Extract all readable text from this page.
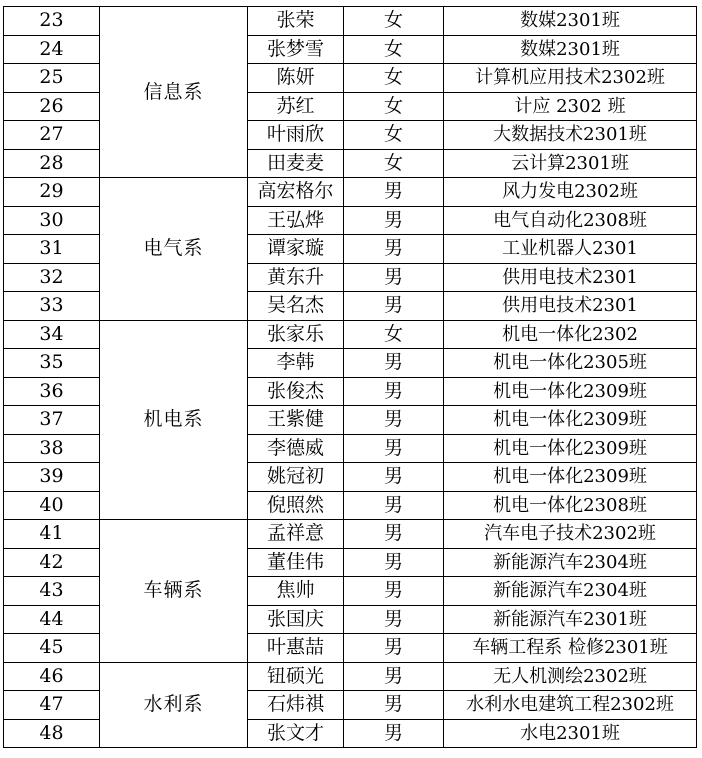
23	信息系	张荣	女	数媒2301班
24		张梦雪	女	数媒2301班
25		陈妍	女	计算机应用技术2302班
26		苏红	女	计应 2302 班
27		叶雨欣	女	大数据技术2301班
28		田麦麦	女	云计算2301班
29	电气系	高宏格尔	男	风力发电2302班
30		王弘烨	男	电气自动化2308班
31		谭家璇	男	工业机器人2301
32		黄东升	男	供用电技术2301
33		吴名杰	男	供用电技术2301
34	机电系	张家乐	女	机电一体化2302
35		李韩	男	机电一体化2305班
36		张俊杰	男	机电一体化2309班
37		王紫健	男	机电一体化2309班
38		李德威	男	机电一体化2309班
39		姚冠初	男	机电一体化2309班
40		倪照然	男	机电一体化2308班
41	车辆系	孟祥意	男	汽车电子技术2302班
42		董佳伟	男	新能源汽车2304班
43		焦帅	男	新能源汽车2304班
44		张国庆	男	新能源汽车2301班
45		叶惠喆	男	车辆工程系 检修2301班
46	水利系	钮硕光	男	无人机测绘2302班
47		石炜祺	男	水利水电建筑工程2302班
48		张文才	男	水电2301班
